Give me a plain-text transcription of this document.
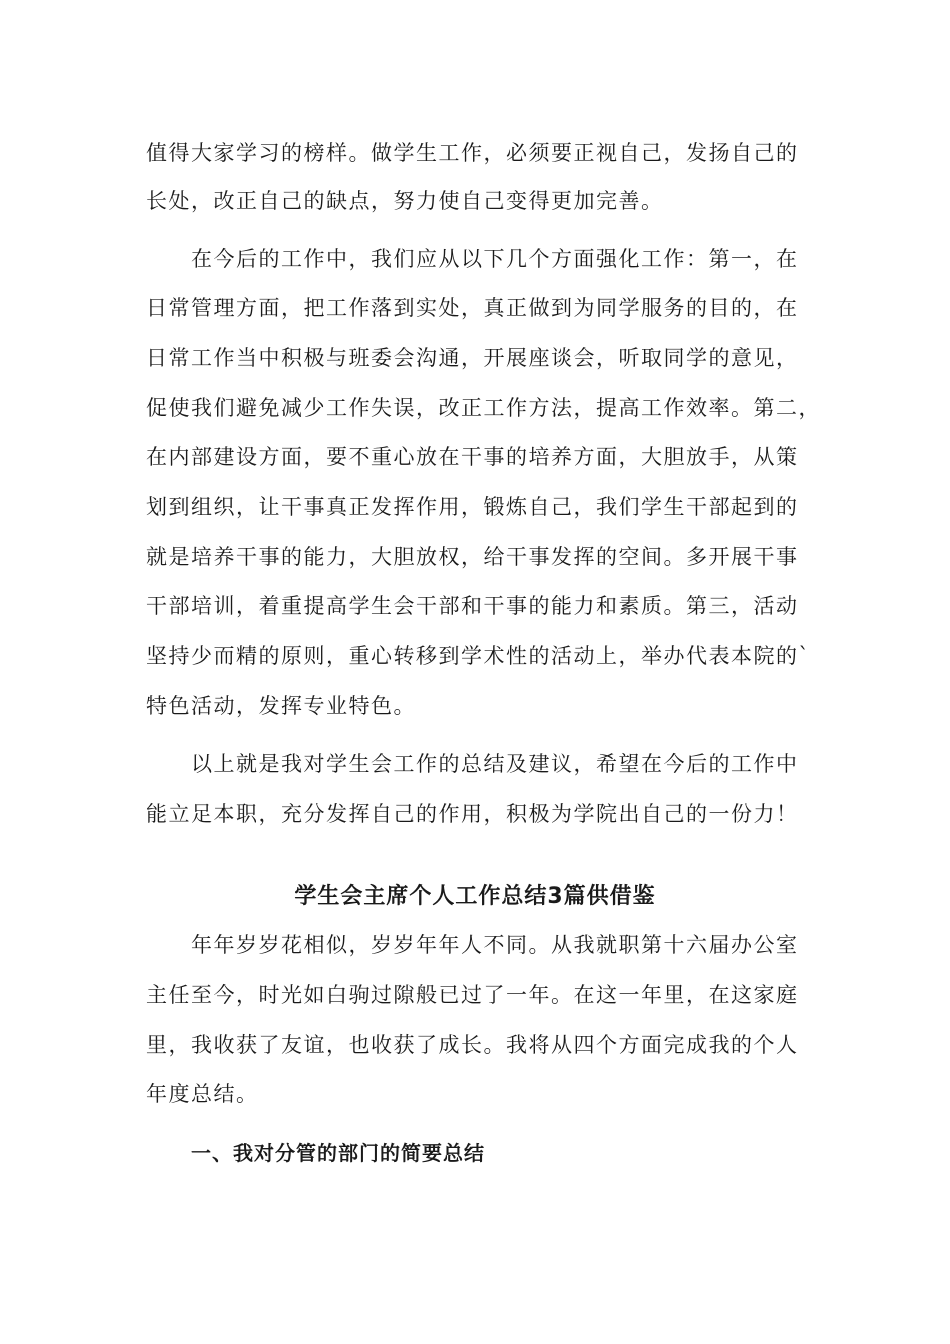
值得大家学习的榜样。做学生工作，必须要正视自己，发扬自己的
长处，改正自己的缺点，努力使自己变得更加完善。
在今后的工作中，我们应从以下几个方面强化工作：第一，在
日常管理方面，把工作落到实处，真正做到为同学服务的目的，在
日常工作当中积极与班委会沟通，开展座谈会，听取同学的意见，
促使我们避免减少工作失误，改正工作方法，提高工作效率。第二，
在内部建设方面，要不重心放在干事的培养方面，大胆放手，从策
划到组织，让干事真正发挥作用，锻炼自己，我们学生干部起到的
就是培养干事的能力，大胆放权，给干事发挥的空间。多开展干事
干部培训，着重提高学生会干部和干事的能力和素质。第三，活动
坚持少而精的原则，重心转移到学术性的活动上，举办代表本院的`
特色活动，发挥专业特色。
以上就是我对学生会工作的总结及建议，希望在今后的工作中
能立足本职，充分发挥自己的作用，积极为学院出自己的一份力！
学生会主席个人工作总结3篇供借鉴
年年岁岁花相似，岁岁年年人不同。从我就职第十六届办公室
主任至今，时光如白驹过隙般已过了一年。在这一年里，在这家庭
里，我收获了友谊，也收获了成长。我将从四个方面完成我的个人
年度总结。
一、我对分管的部门的简要总结
